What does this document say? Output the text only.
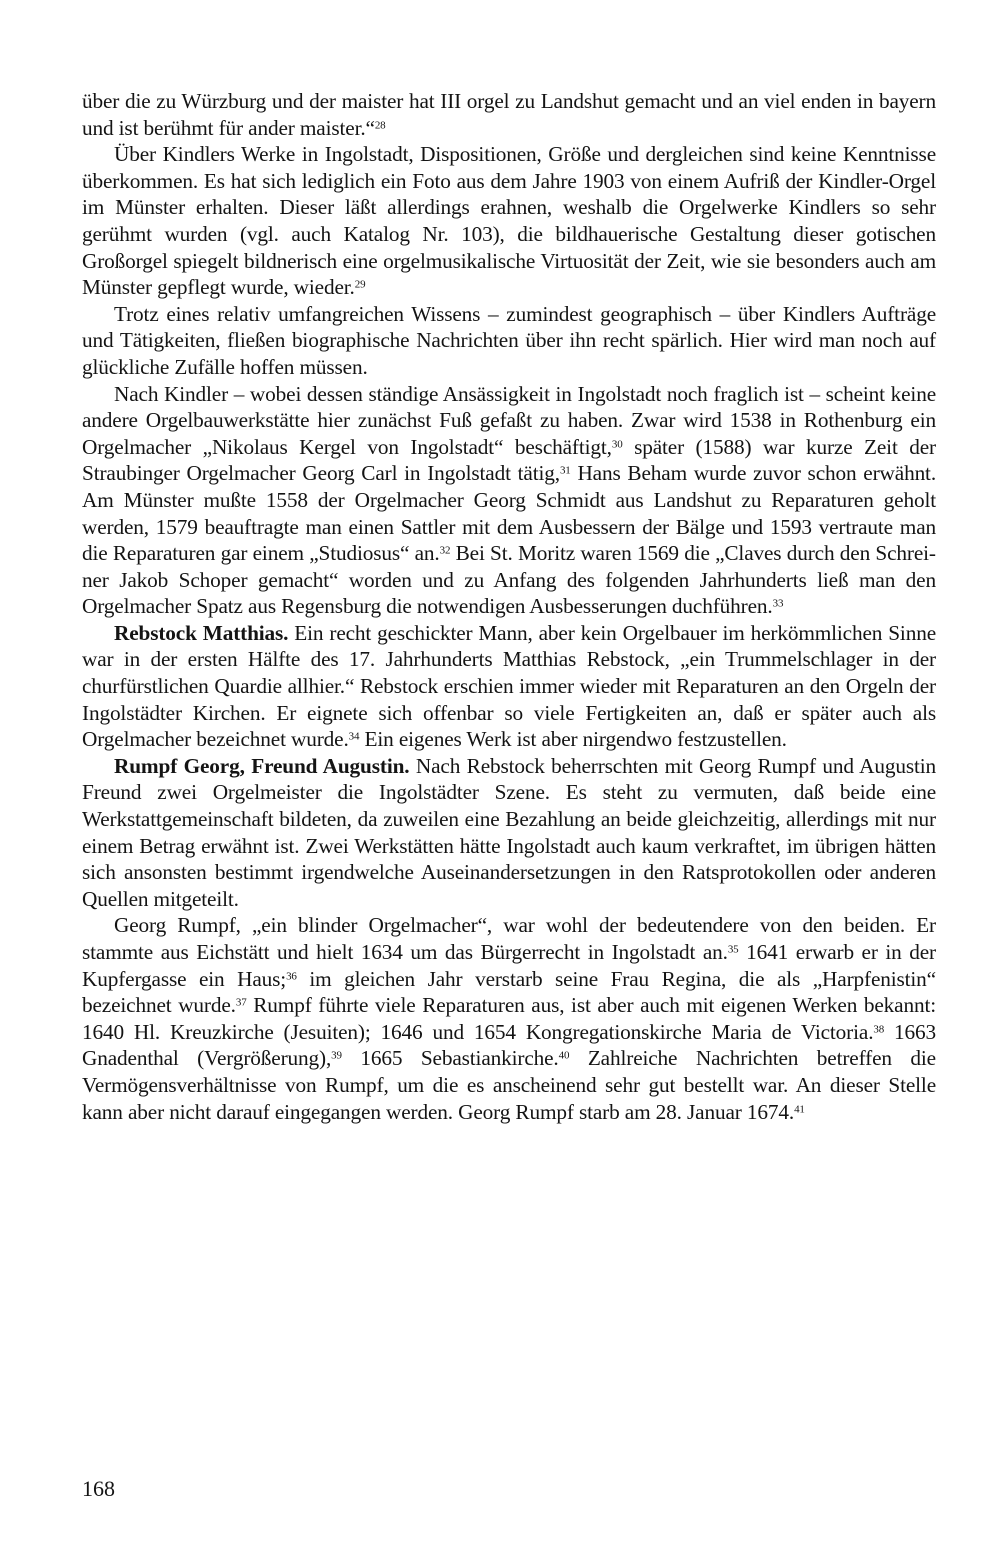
über die zu Würzburg und der maister hat III orgel zu Landshut gemacht und an viel enden in bayern und ist berühmt für ander maister.“$^{28}$

Über Kindlers Werke in Ingolstadt, Dispositionen, Größe und dergleichen sind keine Kenntnisse überkommen. Es hat sich lediglich ein Foto aus dem Jahre 1903 von einem Aufriß der Kindler-Orgel im Münster erhalten. Dieser läßt allerdings erahnen, weshalb die Orgelwerke Kindlers so sehr gerühmt wurden (vgl. auch Katalog Nr. 103), die bildhauerische Gestaltung dieser gotischen Großorgel spiegelt bildnerisch eine orgelmusikalische Virtuosität der Zeit, wie sie besonders auch am Münster gepflegt wurde, wieder.$^{29}$

Trotz eines relativ umfangreichen Wissens – zumindest geographisch – über Kindlers Aufträge und Tätigkeiten, fließen biographische Nachrichten über ihn recht spärlich. Hier wird man noch auf glückliche Zufälle hoffen müssen.

Nach Kindler – wobei dessen ständige Ansässigkeit in Ingolstadt noch fraglich ist – scheint keine andere Orgelbauwerkstätte hier zunächst Fuß gefaßt zu haben. Zwar wird 1538 in Rothenburg ein Orgelmacher „Nikolaus Kergel von Ingolstadt“ beschäftigt,$^{30}$ später (1588) war kurze Zeit der Straubinger Orgelmacher Georg Carl in Ingolstadt tätig,$^{31}$ Hans Beham wurde zuvor schon erwähnt. Am Münster mußte 1558 der Orgelmacher Georg Schmidt aus Landshut zu Reparaturen geholt werden, 1579 beauftragte man einen Sattler mit dem Ausbessern der Bälge und 1593 vertraute man die Reparaturen gar einem „Studiosus“ an.$^{32}$ Bei St. Moritz waren 1569 die „Claves durch den Schreiner Jakob Schoper gemacht“ worden und zu Anfang des folgenden Jahrhunderts ließ man den Orgelmacher Spatz aus Regensburg die notwendigen Ausbesserungen duchführen.$^{33}$

Rebstock Matthias. Ein recht geschickter Mann, aber kein Orgelbauer im herkömmlichen Sinne war in der ersten Hälfte des 17. Jahrhunderts Matthias Rebstock, „ein Trummelschlager in der churfürstlichen Quardie allhier.“ Rebstock erschien immer wieder mit Reparaturen an den Orgeln der Ingolstädter Kirchen. Er eignete sich offenbar so viele Fertigkeiten an, daß er später auch als Orgelmacher bezeichnet wurde.$^{34}$ Ein eigenes Werk ist aber nirgendwo festzustellen.

Rumpf Georg, Freund Augustin. Nach Rebstock beherrschten mit Georg Rumpf und Augustin Freund zwei Orgelmeister die Ingolstädter Szene. Es steht zu vermuten, daß beide eine Werkstattgemeinschaft bildeten, da zuweilen eine Bezahlung an beide gleichzeitig, allerdings mit nur einem Betrag erwähnt ist. Zwei Werkstätten hätte Ingolstadt auch kaum verkraftet, im übrigen hätten sich ansonsten bestimmt irgendwelche Auseinandersetzungen in den Ratsprotokollen oder anderen Quellen mitgeteilt.

Georg Rumpf, „ein blinder Orgelmacher“, war wohl der bedeutendere von den beiden. Er stammte aus Eichstätt und hielt 1634 um das Bürgerrecht in Ingolstadt an.$^{35}$ 1641 erwarb er in der Kupfergasse ein Haus;$^{36}$ im gleichen Jahr verstarb seine Frau Regina, die als „Harpfenistin“ bezeichnet wurde.$^{37}$ Rumpf führte viele Reparaturen aus, ist aber auch mit eigenen Werken bekannt: 1640 Hl. Kreuzkirche (Jesuiten); 1646 und 1654 Kongregationskirche Maria de Victoria.$^{38}$ 1663 Gnadenthal (Vergrößerung),$^{39}$ 1665 Sebastiankirche.$^{40}$ Zahlreiche Nachrichten betreffen die Vermögensverhältnisse von Rumpf, um die es anscheinend sehr gut bestellt war. An dieser Stelle kann aber nicht darauf eingegangen werden. Georg Rumpf starb am 28. Januar 1674.41

168
